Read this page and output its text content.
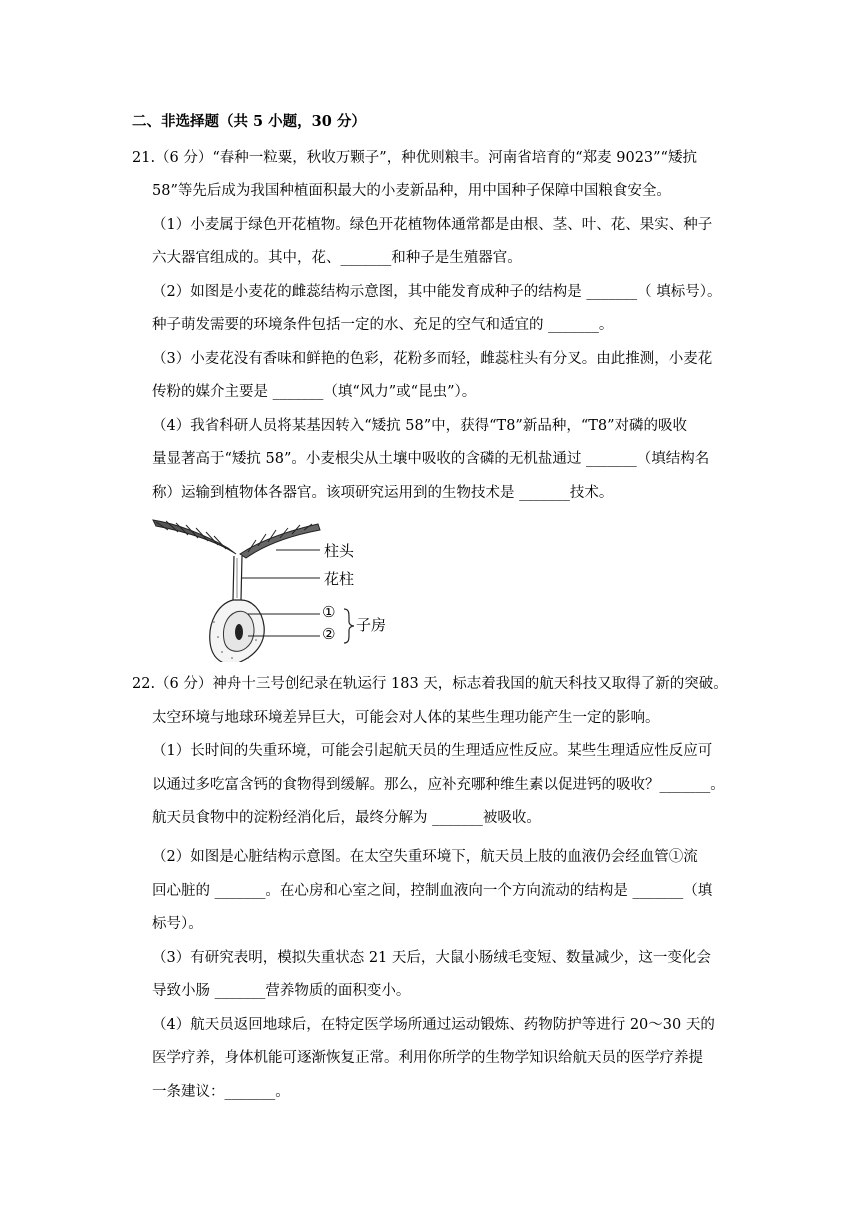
二、非选择题（共 5 小题，30 分）
21.（6 分）“春种一粒粟，秋收万颗子”，种优则粮丰。河南省培育的“郑麦 9023”“矮抗
58”等先后成为我国种植面积最大的小麦新品种，用中国种子保障中国粮食安全。
（1）小麦属于绿色开花植物。绿色开花植物体通常都是由根、茎、叶、花、果实、种子
六大器官组成的。其中，花、_______和种子是生殖器官。
（2）如图是小麦花的雌蕊结构示意图，其中能发育成种子的结构是 _______（ 填标号）。
种子萌发需要的环境条件包括一定的水、充足的空气和适宜的 _______。
（3）小麦花没有香味和鲜艳的色彩，花粉多而轻，雌蕊柱头有分叉。由此推测，小麦花
传粉的媒介主要是 _______（填“风力”或“昆虫”）。
（4）我省科研人员将某基因转入“矮抗 58”中，获得“T8”新品种，“T8”对磷的吸收
量显著高于“矮抗 58”。小麦根尖从土壤中吸收的含磷的无机盐通过 _______（填结构名
称）运输到植物体各器官。该项研究运用到的生物技术是 _______技术。
柱头
花柱
①
② 子房
22.（6 分）神舟十三号创纪录在轨运行 183 天，标志着我国的航天科技又取得了新的突破。
太空环境与地球环境差异巨大，可能会对人体的某些生理功能产生一定的影响。
（1）长时间的失重环境，可能会引起航天员的生理适应性反应。某些生理适应性反应可
以通过多吃富含钙的食物得到缓解。那么，应补充哪种维生素以促进钙的吸收？_______。
航天员食物中的淀粉经消化后，最终分解为 _______被吸收。
（2）如图是心脏结构示意图。在太空失重环境下，航天员上肢的血液仍会经血管①流
回心脏的 _______。在心房和心室之间，控制血液向一个方向流动的结构是 _______（填
标号）。
（3）有研究表明，模拟失重状态 21 天后，大鼠小肠绒毛变短、数量减少，这一变化会
导致小肠 _______营养物质的面积变小。
（4）航天员返回地球后，在特定医学场所通过运动锻炼、药物防护等进行 20～30 天的
医学疗养，身体机能可逐渐恢复正常。利用你所学的生物学知识给航天员的医学疗养提
一条建议：_______。
